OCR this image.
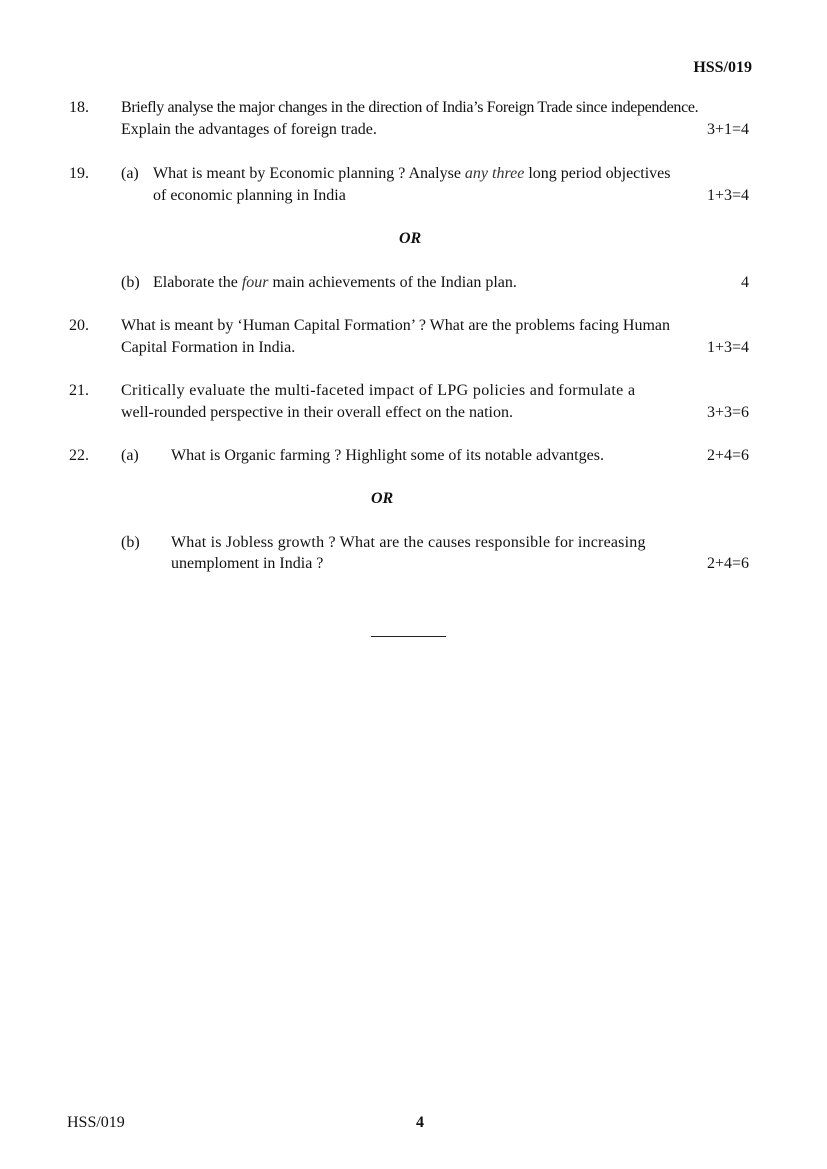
HSS/019
18. Briefly analyse the major changes in the direction of India’s Foreign Trade since independence.
Explain the advantages of foreign trade.	3+1=4
19. (a) What is meant by Economic planning ? Analyse any three long period objectives
of economic planning in India	1+3=4
OR
(b) Elaborate the four main achievements of the Indian plan.	4
20. What is meant by ‘Human Capital Formation’ ? What are the problems facing Human
Capital Formation in India.	1+3=4
21. Critically evaluate the multi-faceted impact of LPG policies and formulate a
well-rounded perspective in their overall effect on the nation.	3+3=6
22. (a) What is Organic farming ? Highlight some of its notable advantges.	2+4=6
OR
(b) What is Jobless growth ? What are the causes responsible for increasing
unemploment in India ?	2+4=6
HSS/019	4
